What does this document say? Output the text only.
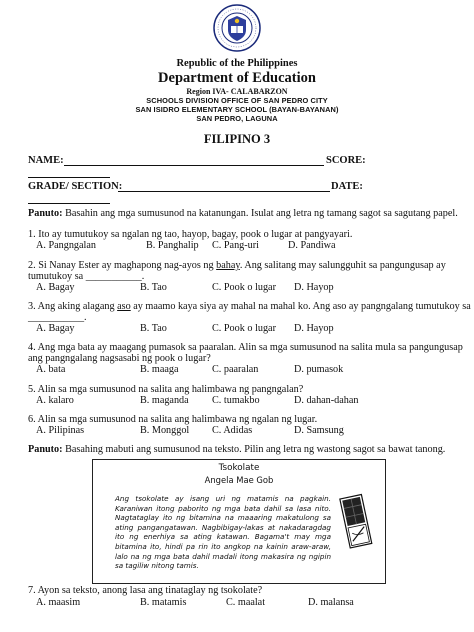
Republic of the Philippines
Department of Education
Region IVA- CALABARZON
SCHOOLS DIVISION OFFICE OF SAN PEDRO CITY
SAN ISIDRO ELEMENTARY SCHOOL (BAYAN-BAYANAN)
SAN PEDRO, LAGUNA
FILIPINO 3
NAME:	SCORE:
GRADE/ SECTION:	DATE:
Panuto: Basahin ang mga sumusunod na katanungan. Isulat ang letra ng tamang sagot sa sagutang papel.
1. Ito ay tumutukoy sa ngalan ng tao, hayop, bagay, pook o lugar at pangyayari.
A. Pangngalan	B. Panghalip C. Pang-uri	D. Pandiwa
2. Si Nanay Ester ay maghapong nag-ayos ng bahay. Ang salitang may salungguhit sa pangungusap ay
tumutukoy sa ___________.
A. Bagay	B. Tao	C. Pook o lugar D. Hayop
3. Ang aking alagang aso ay maamo kaya siya ay mahal na mahal ko. Ang aso ay pangngalang tumutukoy sa
___________.
A. Bagay	B. Tao	C. Pook o lugar D. Hayop
4. Ang mga bata ay maagang pumasok sa paaralan. Alin sa mga sumusunod na salita mula sa pangungusap
ang pangngalang nagsasabi ng pook o lugar?
A. bata	B. maaga	C. paaralan	D. pumasok
5. Alin sa mga sumusunod na salita ang halimbawa ng pangngalan?
A. kalaro	B. maganda C. tumakbo	D. dahan-dahan
6. Alin sa mga sumusunod na salita ang halimbawa ng ngalan ng lugar.
A. Pilipinas	B. Monggol C. Adidas	D. Samsung
Panuto: Basahing mabuti ang sumusunod na teksto. Pilin ang letra ng wastong sagot sa bawat tanong.
Tsokolate
Angela Mae Gob
Ang tsokolate ay isang uri ng matamis na pagkain. Karaniwan itong paborito ng mga bata dahil sa lasa nito. Nagtataglay ito ng bitamina na maaaring makatulong sa ating pangangatawan. Nagbibigay-lakas at nakadaragdag ito ng enerhiya sa ating katawan. Bagama't may mga bitamina ito, hindi pa rin ito angkop na kainin araw-araw, lalo na ng mga bata dahil madali itong makasira ng ngipin sa tagiliw nitong tamis.
7. Ayon sa teksto, anong lasa ang tinataglay ng tsokolate?
A. maasim	B. matamis	C. maalat	D. malansa
